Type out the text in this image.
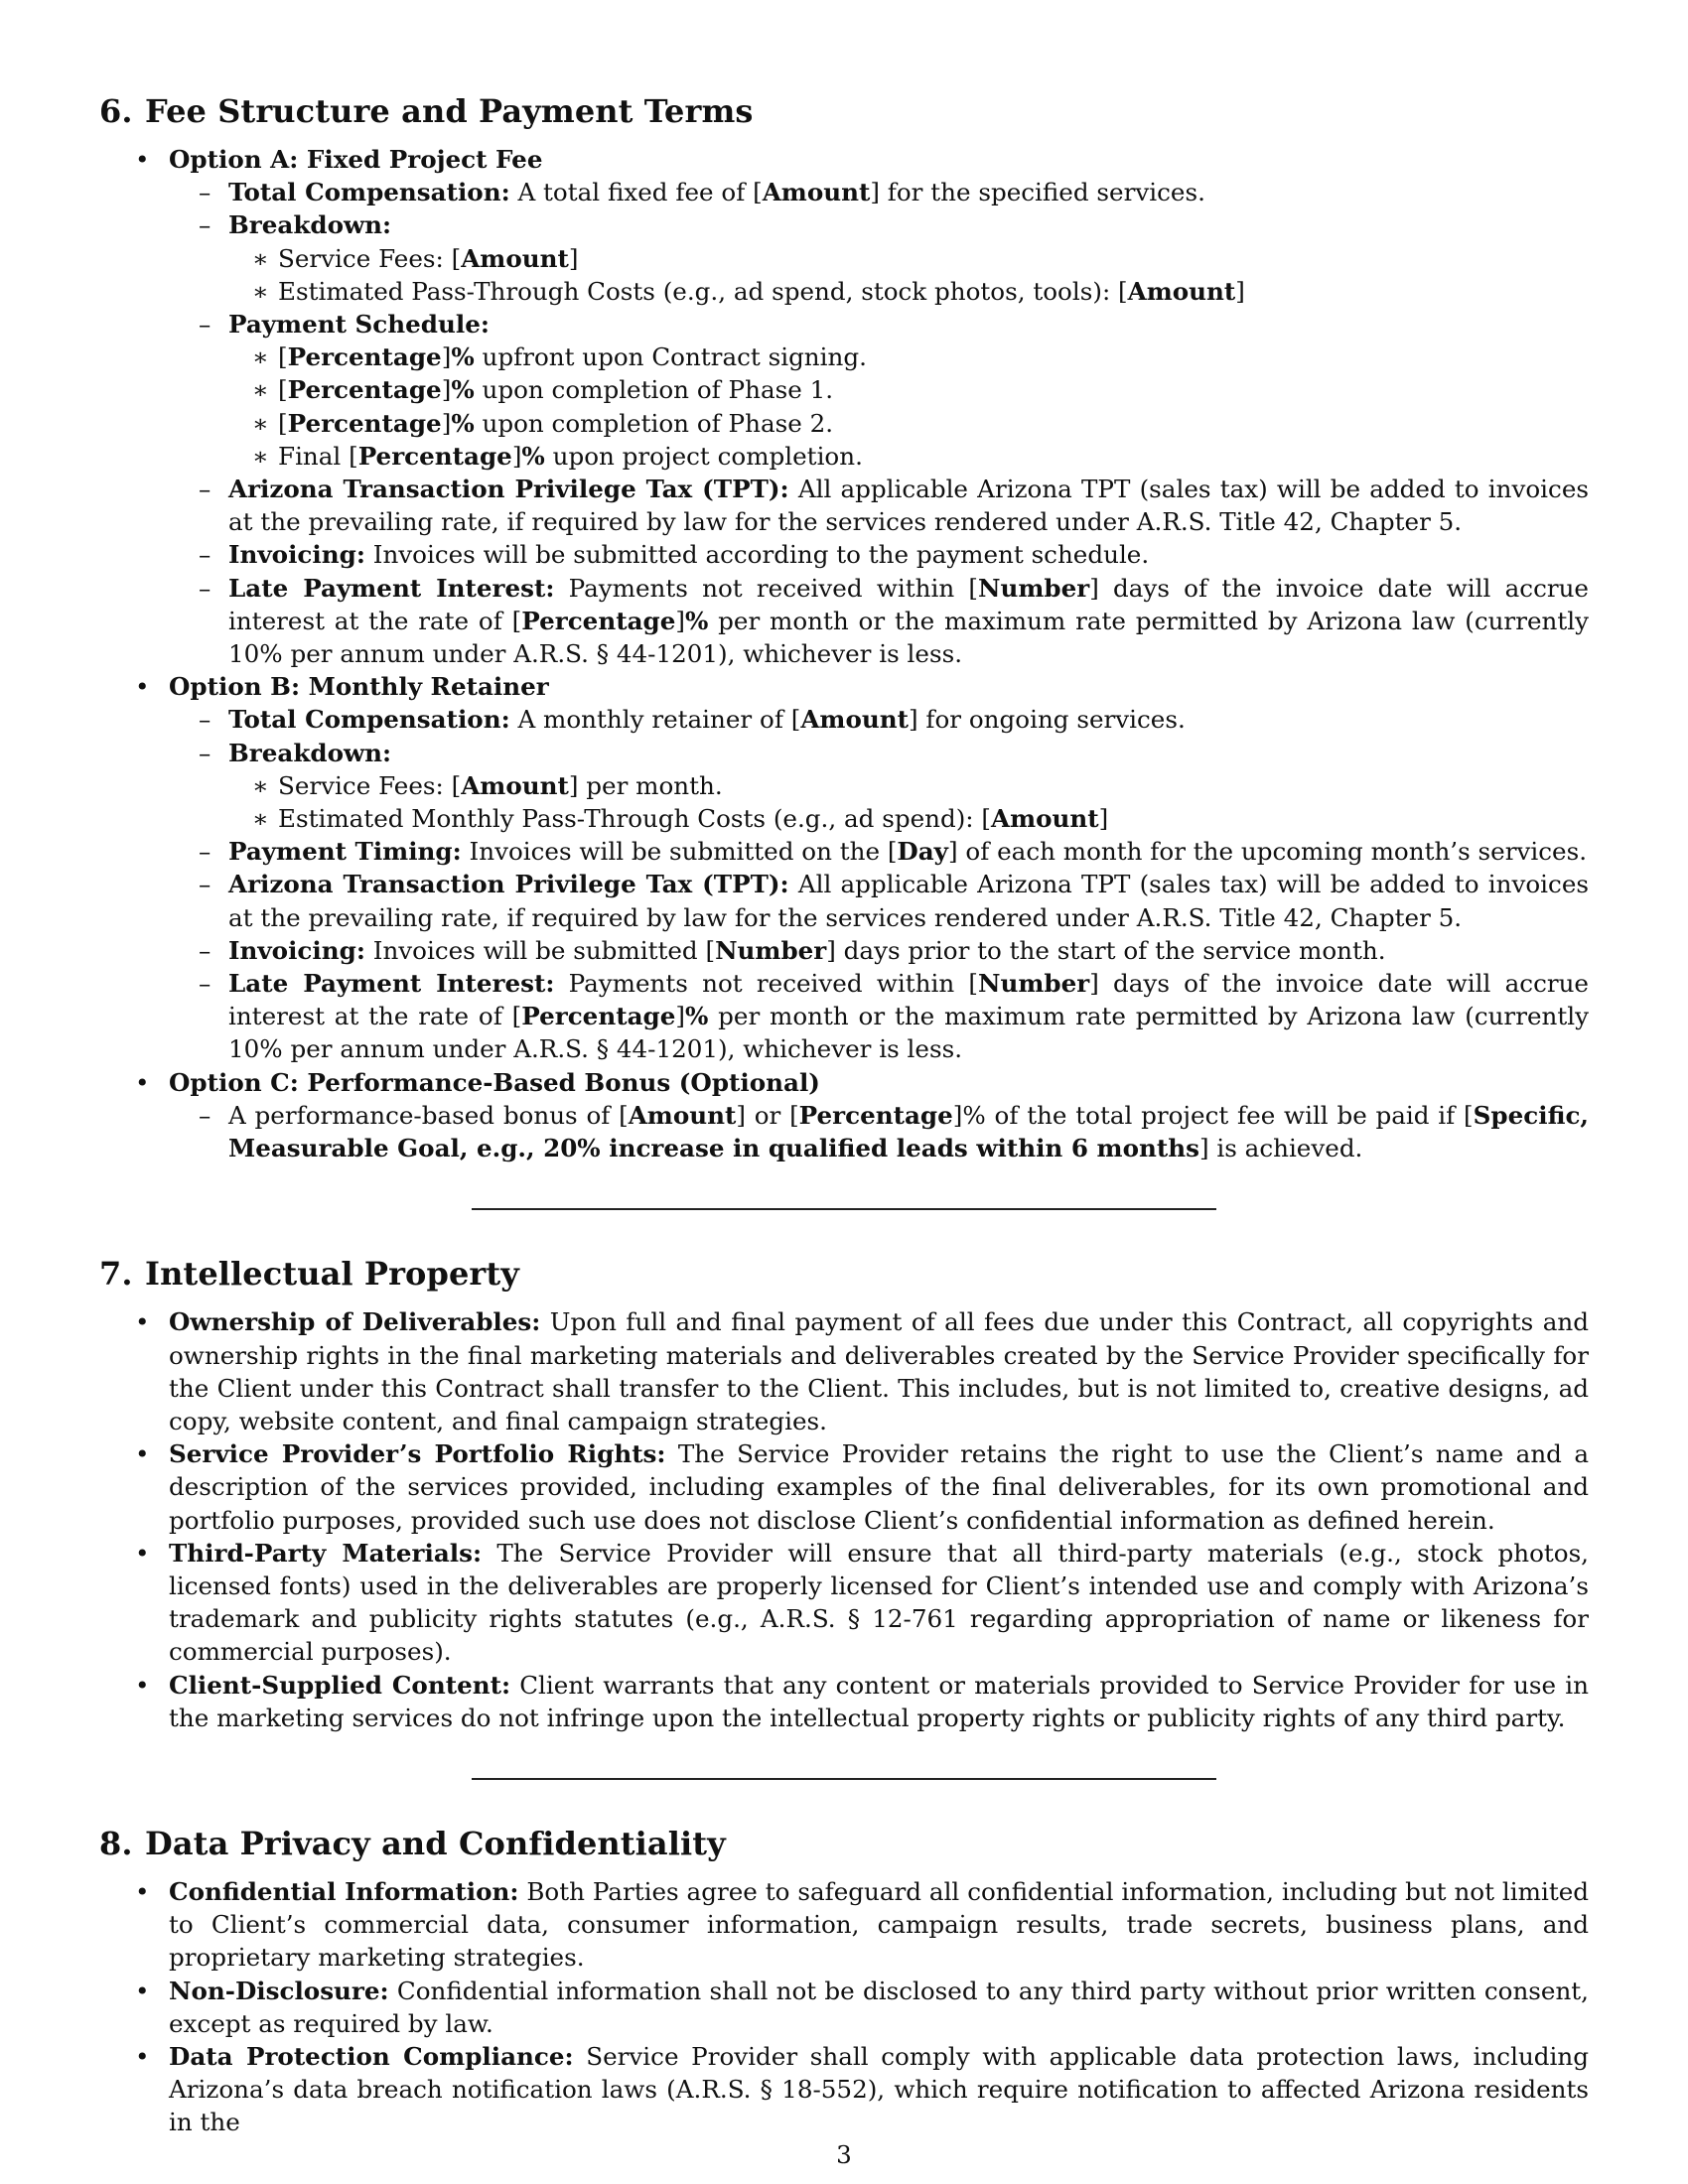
6. Fee Structure and Payment Terms
• Option A: Fixed Project Fee
– Total Compensation: A total fixed fee of [Amount] for the specified services.
– Breakdown:
∗ Service Fees: [Amount]
∗ Estimated Pass-Through Costs (e.g., ad spend, stock photos, tools): [Amount]
– Payment Schedule:
∗ [Percentage]% upfront upon Contract signing.
∗ [Percentage]% upon completion of Phase 1.
∗ [Percentage]% upon completion of Phase 2.
∗ Final [Percentage]% upon project completion.
– Arizona Transaction Privilege Tax (TPT): All applicable Arizona TPT (sales tax) will be added to invoices at the prevailing rate, if required by law for the services rendered under A.R.S. Title 42, Chapter 5.
– Invoicing: Invoices will be submitted according to the payment schedule.
– Late Payment Interest: Payments not received within [Number] days of the invoice date will accrue interest at the rate of [Percentage]% per month or the maximum rate permitted by Arizona law (currently 10% per annum under A.R.S. § 44-1201), whichever is less.
• Option B: Monthly Retainer
– Total Compensation: A monthly retainer of [Amount] for ongoing services.
– Breakdown:
∗ Service Fees: [Amount] per month.
∗ Estimated Monthly Pass-Through Costs (e.g., ad spend): [Amount]
– Payment Timing: Invoices will be submitted on the [Day] of each month for the upcoming month’s services.
– Arizona Transaction Privilege Tax (TPT): All applicable Arizona TPT (sales tax) will be added to invoices at the prevailing rate, if required by law for the services rendered under A.R.S. Title 42, Chapter 5.
– Invoicing: Invoices will be submitted [Number] days prior to the start of the service month.
– Late Payment Interest: Payments not received within [Number] days of the invoice date will accrue interest at the rate of [Percentage]% per month or the maximum rate permitted by Arizona law (currently 10% per annum under A.R.S. § 44-1201), whichever is less.
• Option C: Performance-Based Bonus (Optional)
– A performance-based bonus of [Amount] or [Percentage]% of the total project fee will be paid if [Specific, Measurable Goal, e.g., 20% increase in qualified leads within 6 months] is achieved.
7. Intellectual Property
• Ownership of Deliverables: Upon full and final payment of all fees due under this Contract, all copyrights and ownership rights in the final marketing materials and deliverables created by the Service Provider specifically for the Client under this Contract shall transfer to the Client. This includes, but is not limited to, creative designs, ad copy, website content, and final campaign strategies.
• Service Provider’s Portfolio Rights: The Service Provider retains the right to use the Client’s name and a description of the services provided, including examples of the final deliverables, for its own promotional and portfolio purposes, provided such use does not disclose Client’s confidential information as defined herein.
• Third-Party Materials: The Service Provider will ensure that all third-party materials (e.g., stock photos, licensed fonts) used in the deliverables are properly licensed for Client’s intended use and comply with Arizona’s trademark and publicity rights statutes (e.g., A.R.S. § 12-761 regarding appropriation of name or likeness for commercial purposes).
• Client-Supplied Content: Client warrants that any content or materials provided to Service Provider for use in the marketing services do not infringe upon the intellectual property rights or publicity rights of any third party.
8. Data Privacy and Confidentiality
• Confidential Information: Both Parties agree to safeguard all confidential information, including but not limited to Client’s commercial data, consumer information, campaign results, trade secrets, business plans, and proprietary marketing strategies.
• Non-Disclosure: Confidential information shall not be disclosed to any third party without prior written consent, except as required by law.
• Data Protection Compliance: Service Provider shall comply with applicable data protection laws, including Arizona’s data breach notification laws (A.R.S. § 18-552), which require notification to affected Arizona residents in the
3
